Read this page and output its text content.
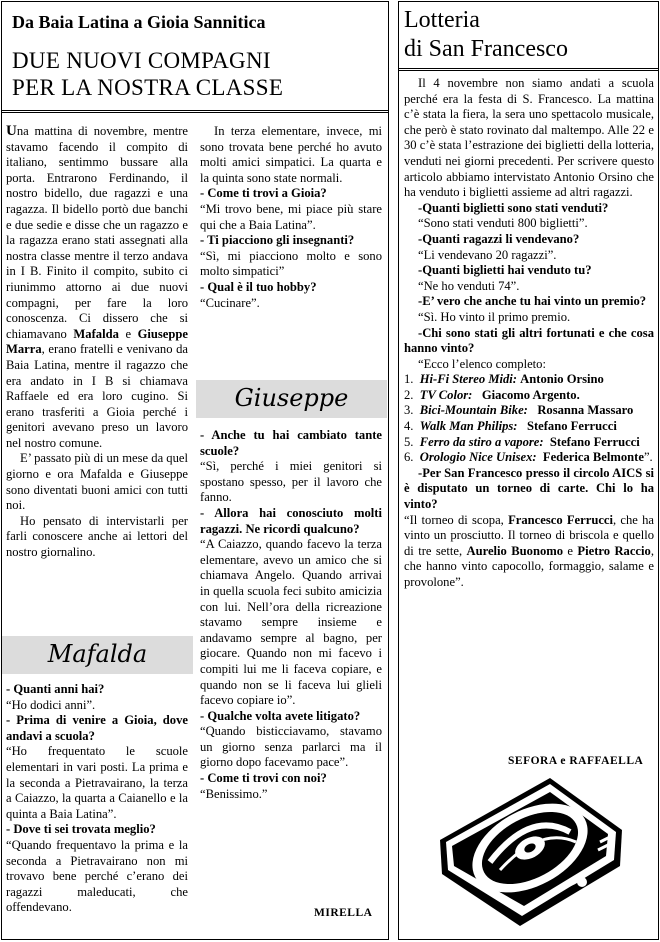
Da Baia Latina a Gioia Sannitica
DUE NUOVI COMPAGNI
PER LA NOSTRA CLASSE

Una mattina di novembre, mentre stavamo facendo il compito di italiano, sentimmo bussare alla porta. Entrarono Ferdinando, il nostro bidello, due ragazzi e una ragazza. Il bidello portò due banchi e due sedie e disse che un ragazzo e la ragazza erano stati assegnati alla nostra classe mentre il terzo andava in I B. Finito il compito, subito ci riunimmo attorno ai due nuovi compagni, per fare la loro conoscenza. Ci dissero che si chiamavano Mafalda e Giuseppe Marra, erano fratelli e venivano da Baia Latina, mentre il ragazzo che era andato in I B si chiamava Raffaele ed era loro cugino. Si erano trasferiti a Gioia perché i genitori avevano preso un lavoro nel nostro comune.

E’ passato più di un mese da quel giorno e ora Mafalda e Giuseppe sono diventati buoni amici con tutti noi.

Ho pensato di intervistarli per farli conoscere anche ai lettori del nostro giornalino.

Mafalda

- Quanti anni hai?

“Ho dodici anni”.

- Prima di venire a Gioia, dove andavi a scuola?

“Ho frequentato le scuole elementari in vari posti. La prima e la seconda a Pietravairano, la terza a Caiazzo, la quarta a Caianello e la quinta a Baia Latina”.

- Dove ti sei trovata meglio?

“Quando frequentavo la prima e la seconda a Pietravairano non mi trovavo bene perché c’erano dei ragazzi maleducati, che offendevano.

In terza elementare, invece, mi sono trovata bene perché ho avuto molti amici simpatici. La quarta e la quinta sono state normali.

- Come ti trovi a Gioia?

“Mi trovo bene, mi piace più stare qui che a Baia Latina”.

- Ti piacciono gli insegnanti?

“Sì, mi piacciono molto e sono molto simpatici”

- Qual è il tuo hobby?

“Cucinare”.

Giuseppe

- Anche tu hai cambiato tante scuole?

“Sì, perché i miei genitori si spostano spesso, per il lavoro che fanno.

- Allora hai conosciuto molti ragazzi. Ne ricordi qualcuno?

“A Caiazzo, quando facevo la terza elementare, avevo un amico che si chiamava Angelo. Quando arrivai in quella scuola feci subito amicizia con lui. Nell’ora della ricreazione stavamo sempre insieme e andavamo sempre al bagno, per giocare. Quando non mi facevo i compiti lui me li faceva copiare, e quando non se li faceva lui glieli facevo copiare io”.

- Qualche volta avete litigato?

“Quando bisticciavamo, stavamo un giorno senza parlarci ma il giorno dopo facevamo pace”.

- Come ti trovi con noi?

“Benissimo.”

MIRELLA
Lotteria
di San Francesco

Il 4 novembre non siamo andati a scuola perché era la festa di S. Francesco. La mattina c’è stata la fiera, la sera uno spettacolo musicale, che però è stato rovinato dal maltempo. Alle 22 e 30 c’è stata l’estrazione dei biglietti della lotteria, venduti nei giorni precedenti. Per scrivere questo articolo abbiamo intervistato Antonio Orsino che ha venduto i biglietti assieme ad altri ragazzi.

-Quanti biglietti sono stati venduti?

“Sono stati venduti 800 biglietti”.

-Quanti ragazzi li vendevano?

“Li vendevano 20 ragazzi”.

-Quanti biglietti hai venduto tu?

“Ne ho venduti 74”.

-E’ vero che anche tu hai vinto un premio?

“Sì. Ho vinto il primo premio.

-Chi sono stati gli altri fortunati e che cosa hanno vinto?

“Ecco l’elenco completo:

1. Hi-Fi Stereo Midi: Antonio Orsino

2. TV Color: Giacomo Argento.

3. Bici-Mountain Bike: Rosanna Massaro

4. Walk Man Philips: Stefano Ferrucci

5. Ferro da stiro a vapore: Stefano Ferrucci

6. Orologio Nice Unisex: Federica Belmonte”.

-Per San Francesco presso il circolo AICS si è disputato un torneo di carte. Chi lo ha vinto?

“Il torneo di scopa, Francesco Ferrucci, che ha vinto un prosciutto. Il torneo di briscola e quello di tre sette, Aurelio Buonomo e Pietro Raccio, che hanno vinto capocollo, formaggio, salame e provolone”.

SEFORA e RAFFAELLA
